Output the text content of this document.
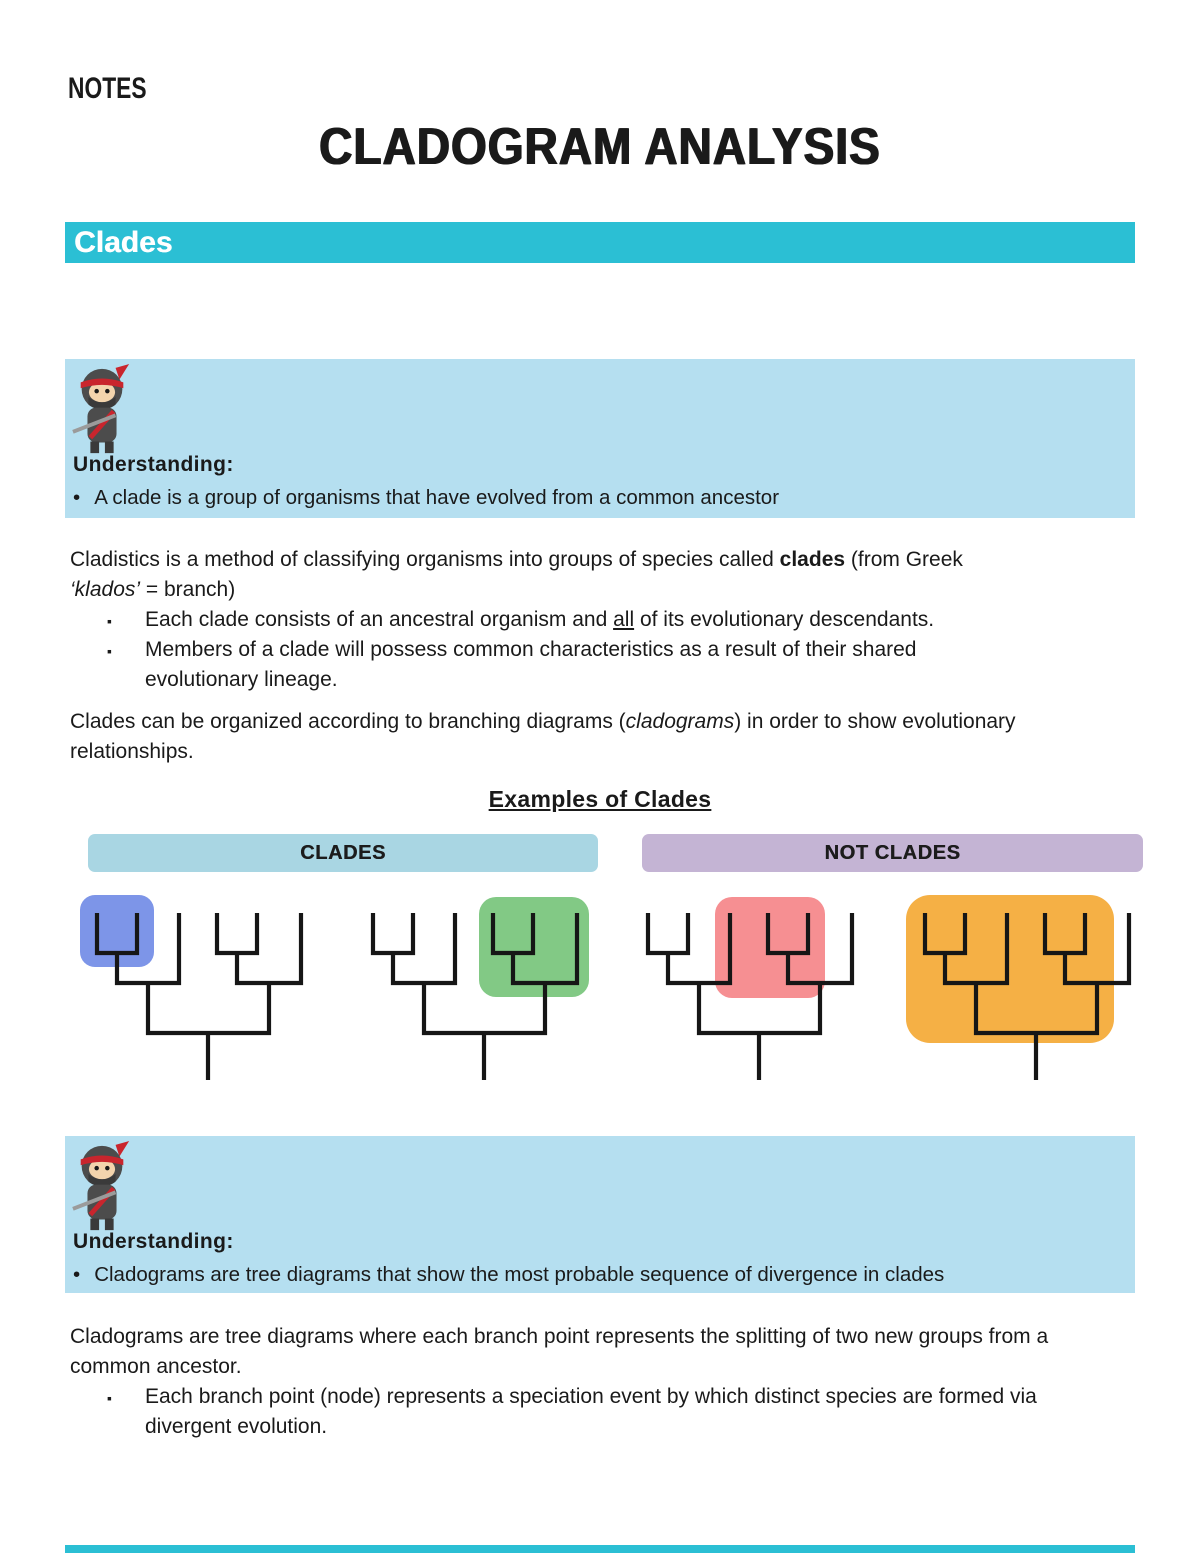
NOTES
CLADOGRAM ANALYSIS
Clades
Understanding:
• A clade is a group of organisms that have evolved from a common ancestor

Cladistics is a method of classifying organisms into groups of species called clades (from Greek ‘klados’ = branch)

▪ Each clade consists of an ancestral organism and all of its evolutionary descendants.
▪ Members of a clade will possess common characteristics as a result of their shared evolutionary lineage.

Clades can be organized according to branching diagrams (cladograms) in order to show evolutionary relationships.

Examples of Clades
CLADES	NOT CLADES
Understanding:
• Cladograms are tree diagrams that show the most probable sequence of divergence in clades

Cladograms are tree diagrams where each branch point represents the splitting of two new groups from a common ancestor.

▪ Each branch point (node) represents a speciation event by which distinct species are formed via divergent evolution.
